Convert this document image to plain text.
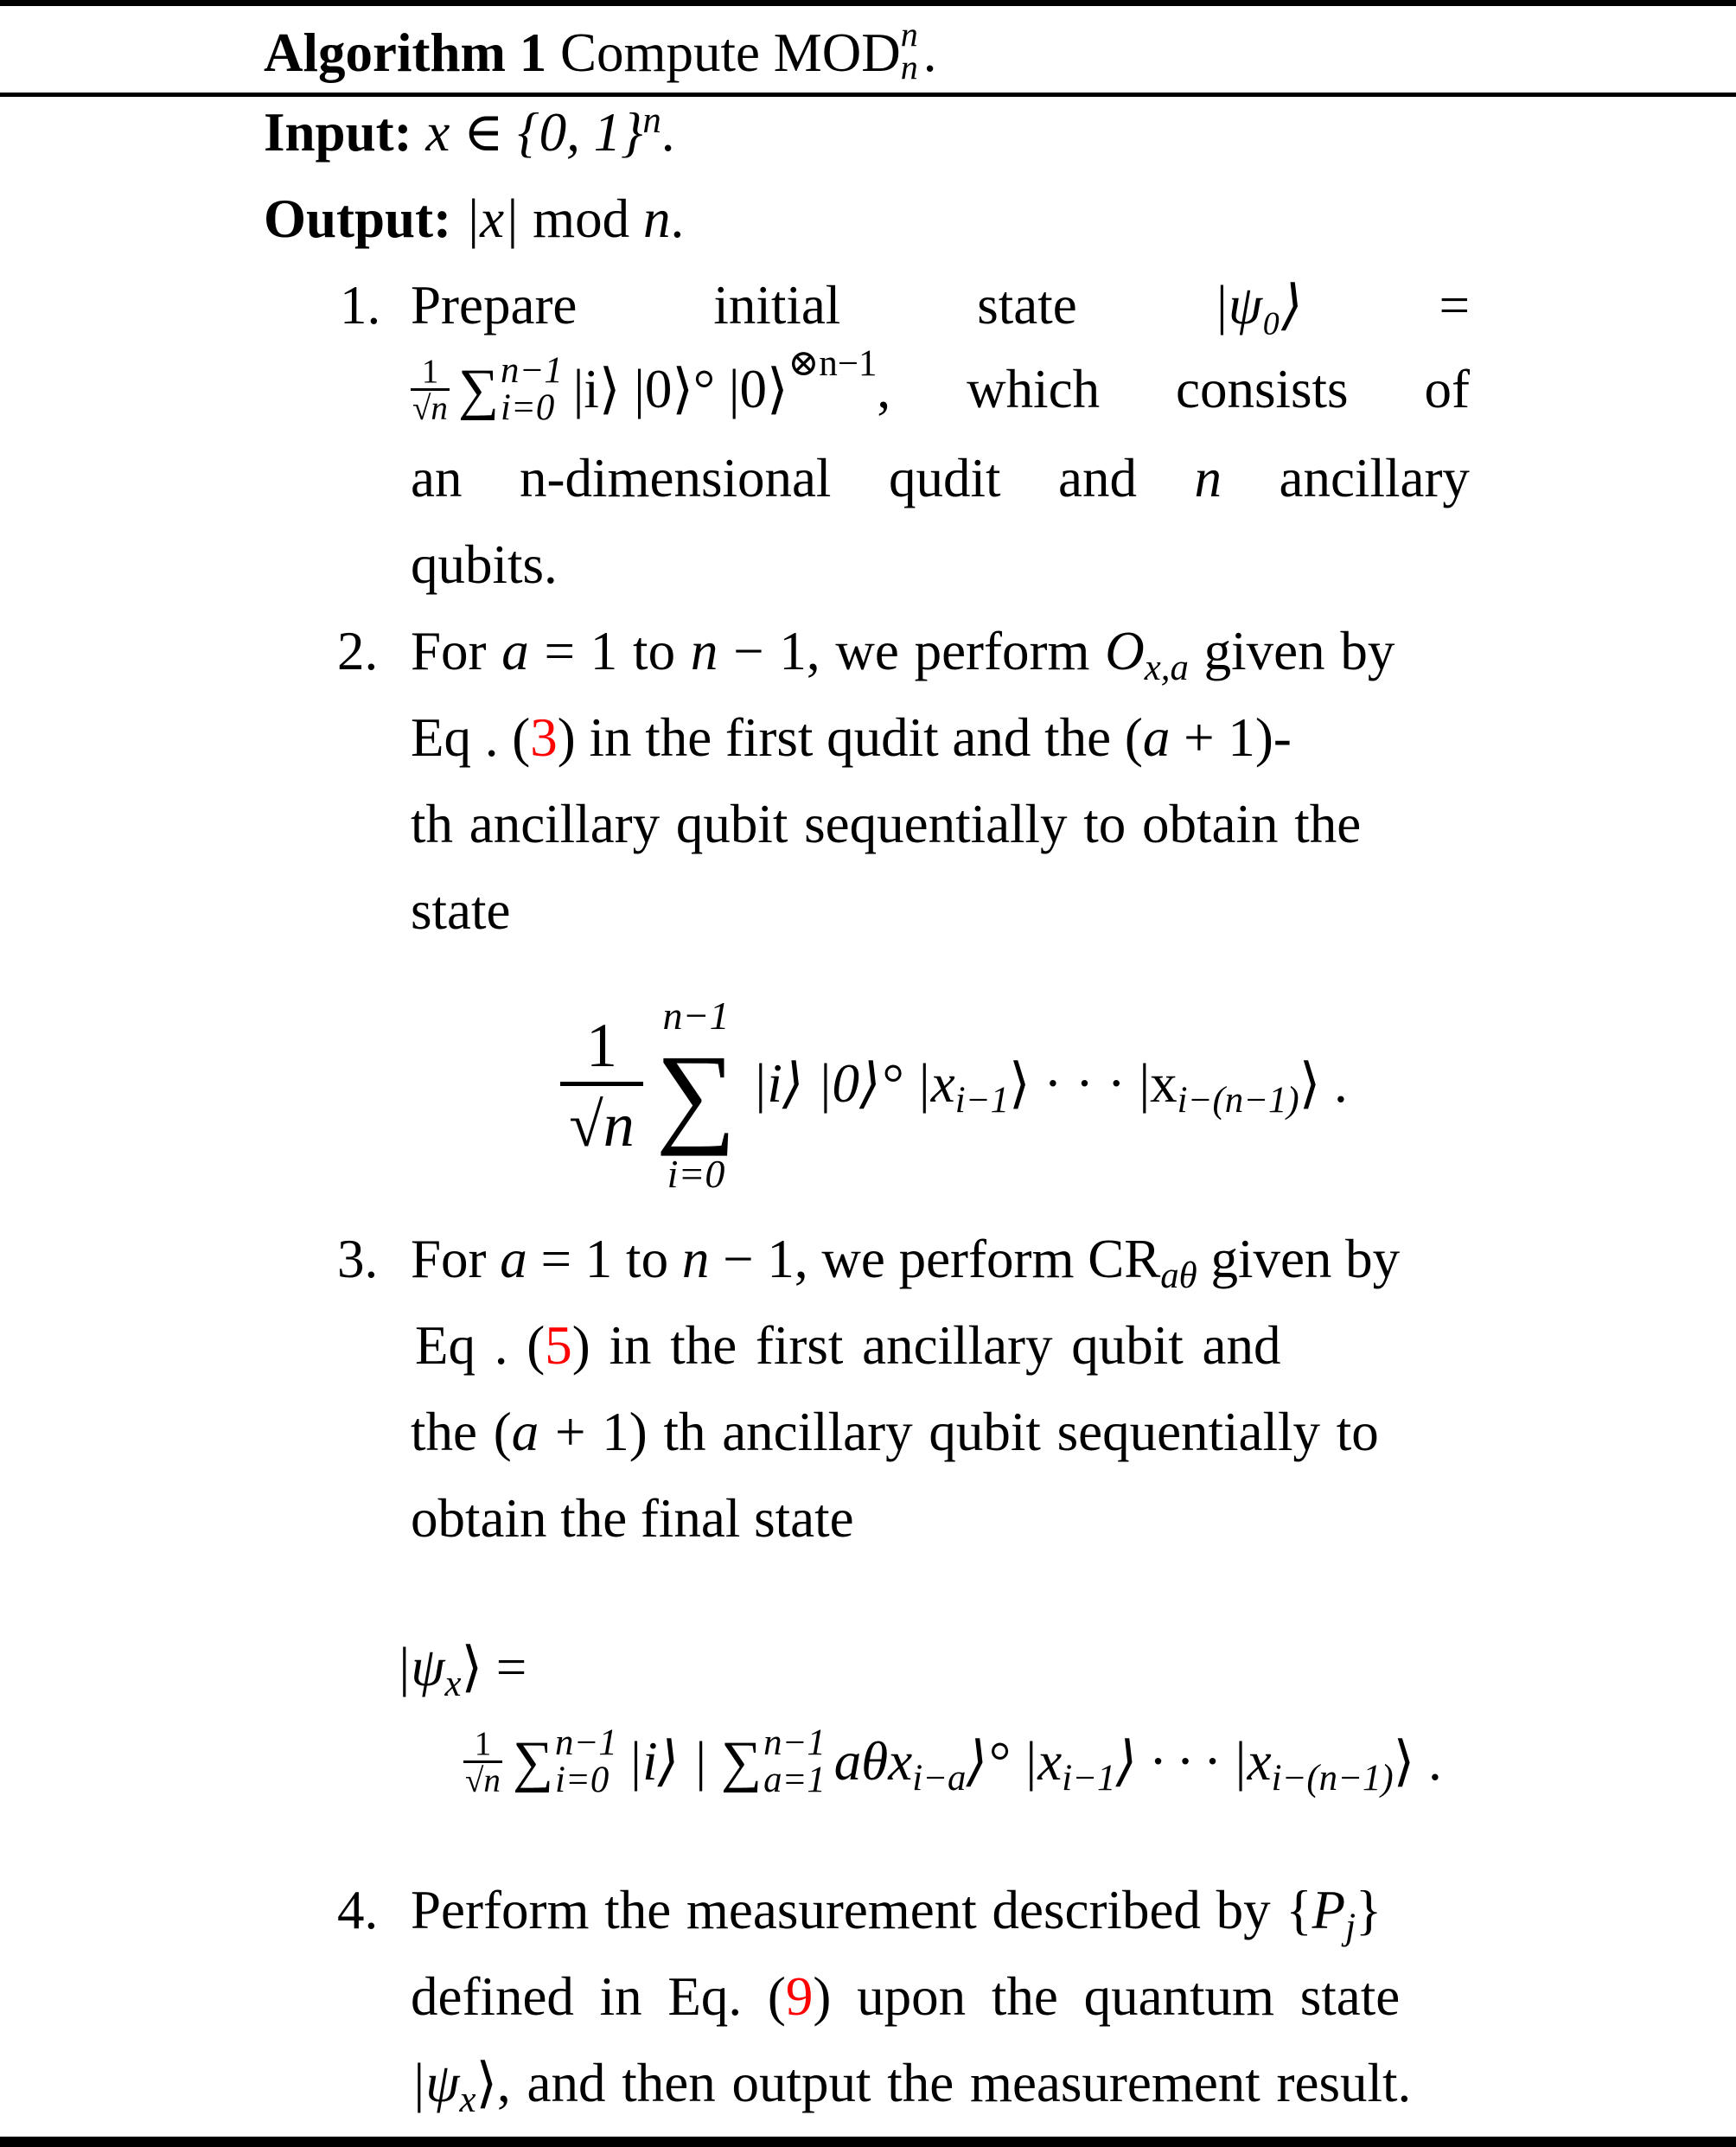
Algorithm 1 Compute MOD n
n .
Input: x ∈ {0, 1}$^n$.
Output: |x| mod n.
1. Prepare	initial	state	|ψ₀⟩	=
$\frac{1}{√n}$ ∑ n−1
i=0 |i⟩ |0⟩° |0⟩$^{\otimes n-1}$ , which consists of
an n-dimensional qudit and n ancillary
qubits.
2. For a = 1 to n − 1, we perform $O_{x,a}$ given by
Eq . (3) in the first qudit and the (a + 1)-
th ancillary qubit sequentially to obtain the
state
$\frac{1}{√n} n-1$
∑
i=0
|i⟩ |0⟩° $|x_{i-1}⟩$ · · · $|x_{i-(n-1)}⟩$ .
3. For a = 1 to n − 1, we perform $CR_{a\theta}$ given by
Eq . (5) in the first ancillary qubit and
the (a + 1) th ancillary qubit sequentially to
obtain the final state
$|\psi_x⟩$ =
$\frac{1}{√n}$ ∑ n−1
i=0 |i⟩ | ∑ n−1
a=1 aθx$_{i-a}$⟩° $|x_{i-1}⟩$ · · · $|x_{i-(n-1)}⟩$ .
4. Perform the measurement described by $\{P_j\}$
defined in Eq. (9) upon the quantum state
$|\psi_x⟩$, and then output the measurement result.
